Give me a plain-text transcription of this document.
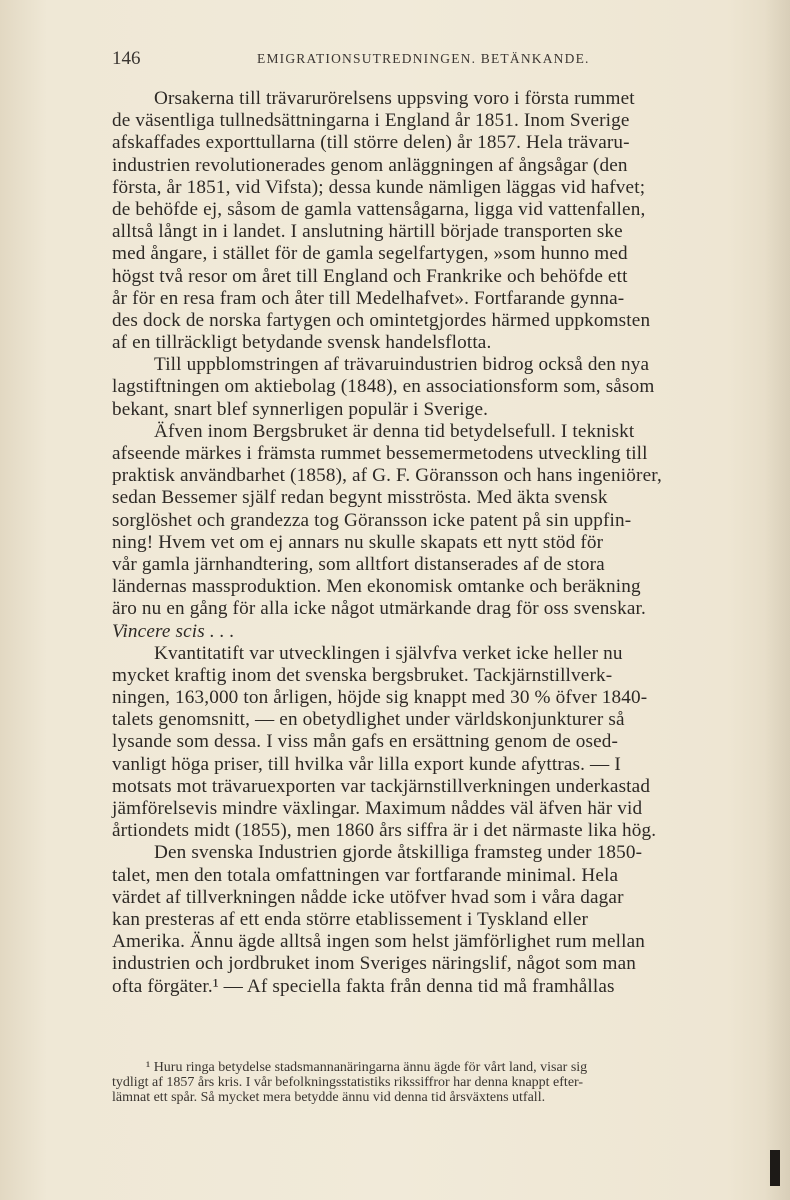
146	EMIGRATIONSUTREDNINGEN. BETÄNKANDE.
Orsakerna till trävarurörelsens uppsving voro i första rummet
de väsentliga tullnedsättningarna i England år 1851. Inom Sverige
afskaffades exporttullarna (till större delen) år 1857. Hela trävaru-
industrien revolutionerades genom anläggningen af ångsågar (den
första, år 1851, vid Vifsta); dessa kunde nämligen läggas vid hafvet;
de behöfde ej, såsom de gamla vattensågarna, ligga vid vattenfallen,
alltså långt in i landet. I anslutning härtill började transporten ske
med ångare, i stället för de gamla segelfartygen, »som hunno med
högst två resor om året till England och Frankrike och behöfde ett
år för en resa fram och åter till Medelhafvet». Fortfarande gynna-
des dock de norska fartygen och omintetgjordes härmed uppkomsten
af en tillräckligt betydande svensk handelsflotta.
Till uppblomstringen af trävaruindustrien bidrog också den nya
lagstiftningen om aktiebolag (1848), en associationsform som, såsom
bekant, snart blef synnerligen populär i Sverige.
Äfven inom Bergsbruket är denna tid betydelsefull. I tekniskt
afseende märkes i främsta rummet bessemermetodens utveckling till
praktisk användbarhet (1858), af G. F. Göransson och hans ingeniörer,
sedan Bessemer själf redan begynt misströsta. Med äkta svensk
sorglöshet och grandezza tog Göransson icke patent på sin uppfin-
ning! Hvem vet om ej annars nu skulle skapats ett nytt stöd för
vår gamla järnhandtering, som alltfort distanserades af de stora
ländernas massproduktion. Men ekonomisk omtanke och beräkning
äro nu en gång för alla icke något utmärkande drag för oss svenskar.
Vincere scis . . .
Kvantitatift var utvecklingen i självfva verket icke heller nu
mycket kraftig inom det svenska bergsbruket. Tackjärnstillverk-
ningen, 163,000 ton årligen, höjde sig knappt med 30 % öfver 1840-
talets genomsnitt, — en obetydlighet under världskonjunkturer så
lysande som dessa. I viss mån gafs en ersättning genom de osed-
vanligt höga priser, till hvilka vår lilla export kunde afyttras. — I
motsats mot trävaruexporten var tackjärnstillverkningen underkastad
jämförelsevis mindre växlingar. Maximum nåddes väl äfven här vid
årtiondets midt (1855), men 1860 års siffra är i det närmaste lika hög.
Den svenska Industrien gjorde åtskilliga framsteg under 1850-
talet, men den totala omfattningen var fortfarande minimal. Hela
värdet af tillverkningen nådde icke utöfver hvad som i våra dagar
kan presteras af ett enda större etablissement i Tyskland eller
Amerika. Ännu ägde alltså ingen som helst jämförlighet rum mellan
industrien och jordbruket inom Sveriges näringslif, något som man
ofta förgäter.¹ — Af speciella fakta från denna tid må framhållas
¹ Huru ringa betydelse stadsmannanäringarna ännu ägde för vårt land, visar sig
tydligt af 1857 års kris. I vår befolkningsstatistiks rikssiffror har denna knappt efter-
lämnat ett spår. Så mycket mera betydde ännu vid denna tid årsväxtens utfall.
